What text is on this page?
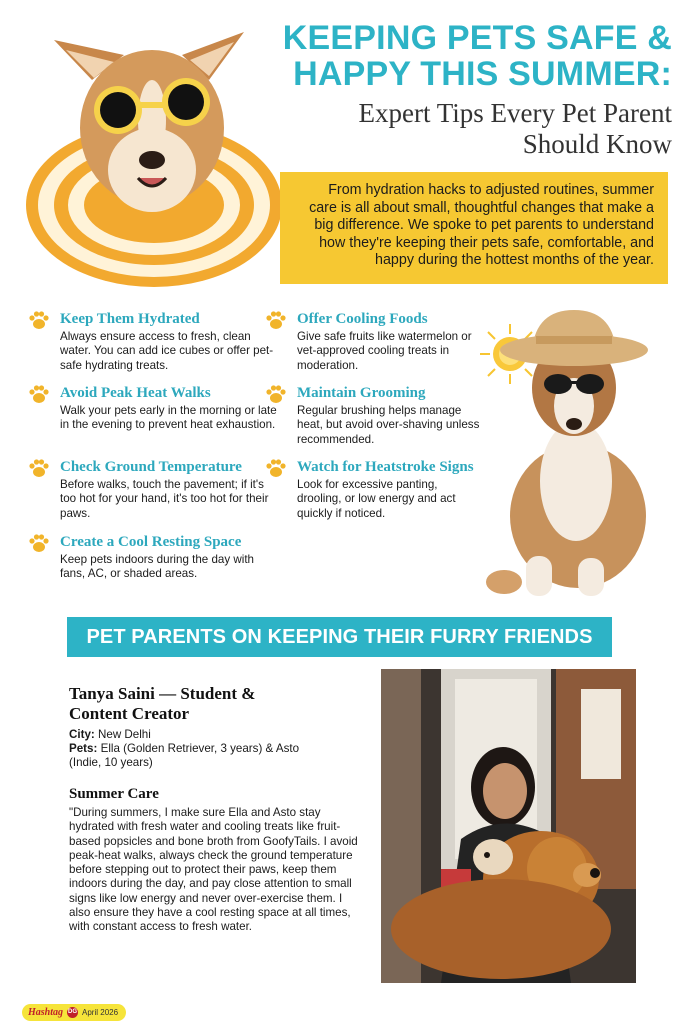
KEEPING PETS SAFE &
HAPPY THIS SUMMER:
Expert Tips Every Pet Parent
Should Know
From hydration hacks to adjusted routines, summer care is all about small, thoughtful changes that make a big difference. We spoke to pet parents to understand how they're keeping their pets safe, comfortable, and happy during the hottest months of the year.
Keep Them Hydrated

Always ensure access to fresh, clean water. You can add ice cubes or offer pet-safe hydrating treats.

Avoid Peak Heat Walks

Walk your pets early in the morning or late in the evening to prevent heat exhaustion.

Check Ground Temperature

Before walks, touch the pavement; if it's too hot for your hand, it's too hot for their paws.

Create a Cool Resting Space

Keep pets indoors during the day with fans, AC, or shaded areas.

Offer Cooling Foods

Give safe fruits like watermelon or vet-approved cooling treats in moderation.

Maintain Grooming

Regular brushing helps manage heat, but avoid over-shaving unless recommended.

Watch for Heatstroke Signs

Look for excessive panting, drooling, or low energy and act quickly if noticed.

PET PARENTS ON KEEPING THEIR FURRY FRIENDS COOL
Tanya Saini — Student &
Content Creator
City: New Delhi
Pets: Ella (Golden Retriever, 3 years) & Asto (Indie, 10 years)
Summer Care
"During summers, I make sure Ella and Asto stay hydrated with fresh water and cooling treats like fruit-based popsicles and bone broth from GoofyTails. I avoid peak-heat walks, always check the ground temperature before stepping out to protect their paws, keep them indoors during the day, and pay close attention to small signs like low energy and never over-exercise them. I also ensure they have a cool resting space at all times, with constant access to fresh water.
Hashtag DG April 2026
